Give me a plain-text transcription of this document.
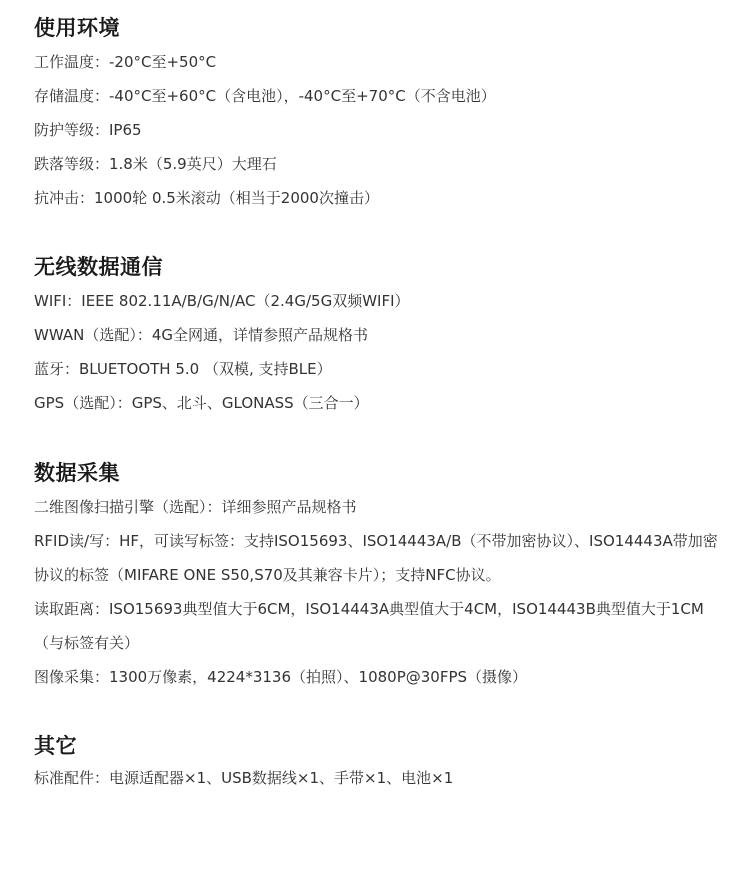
使用环境

工作温度：-20°C至+50°C

存储温度：-40°C至+60°C（含电池），-40°C至+70°C（不含电池）

防护等级：IP65

跌落等级：1.8米（5.9英尺）大理石

抗冲击：1000轮 0.5米滚动（相当于2000次撞击）

无线数据通信

WIFI：IEEE 802.11A/B/G/N/AC（2.4G/5G双频WIFI）

WWAN（选配）：4G全网通，详情参照产品规格书

蓝牙：BLUETOOTH 5.0 （双模, 支持BLE）

GPS（选配）：GPS、北斗、GLONASS（三合一）

数据采集

二维图像扫描引擎（选配）：详细参照产品规格书

RFID读/写：HF，可读写标签：支持ISO15693、ISO14443A/B（不带加密协议）、ISO14443A带加密协议的标签（MIFARE ONE S50,S70及其兼容卡片）；支持NFC协议。

读取距离：ISO15693典型值大于6CM，ISO14443A典型值大于4CM，ISO14443B典型值大于1CM （与标签有关）

图像采集：1300万像素，4224*3136（拍照）、1080P@30FPS（摄像）

其它

标准配件：电源适配器×1、USB数据线×1、手带×1、电池×1
